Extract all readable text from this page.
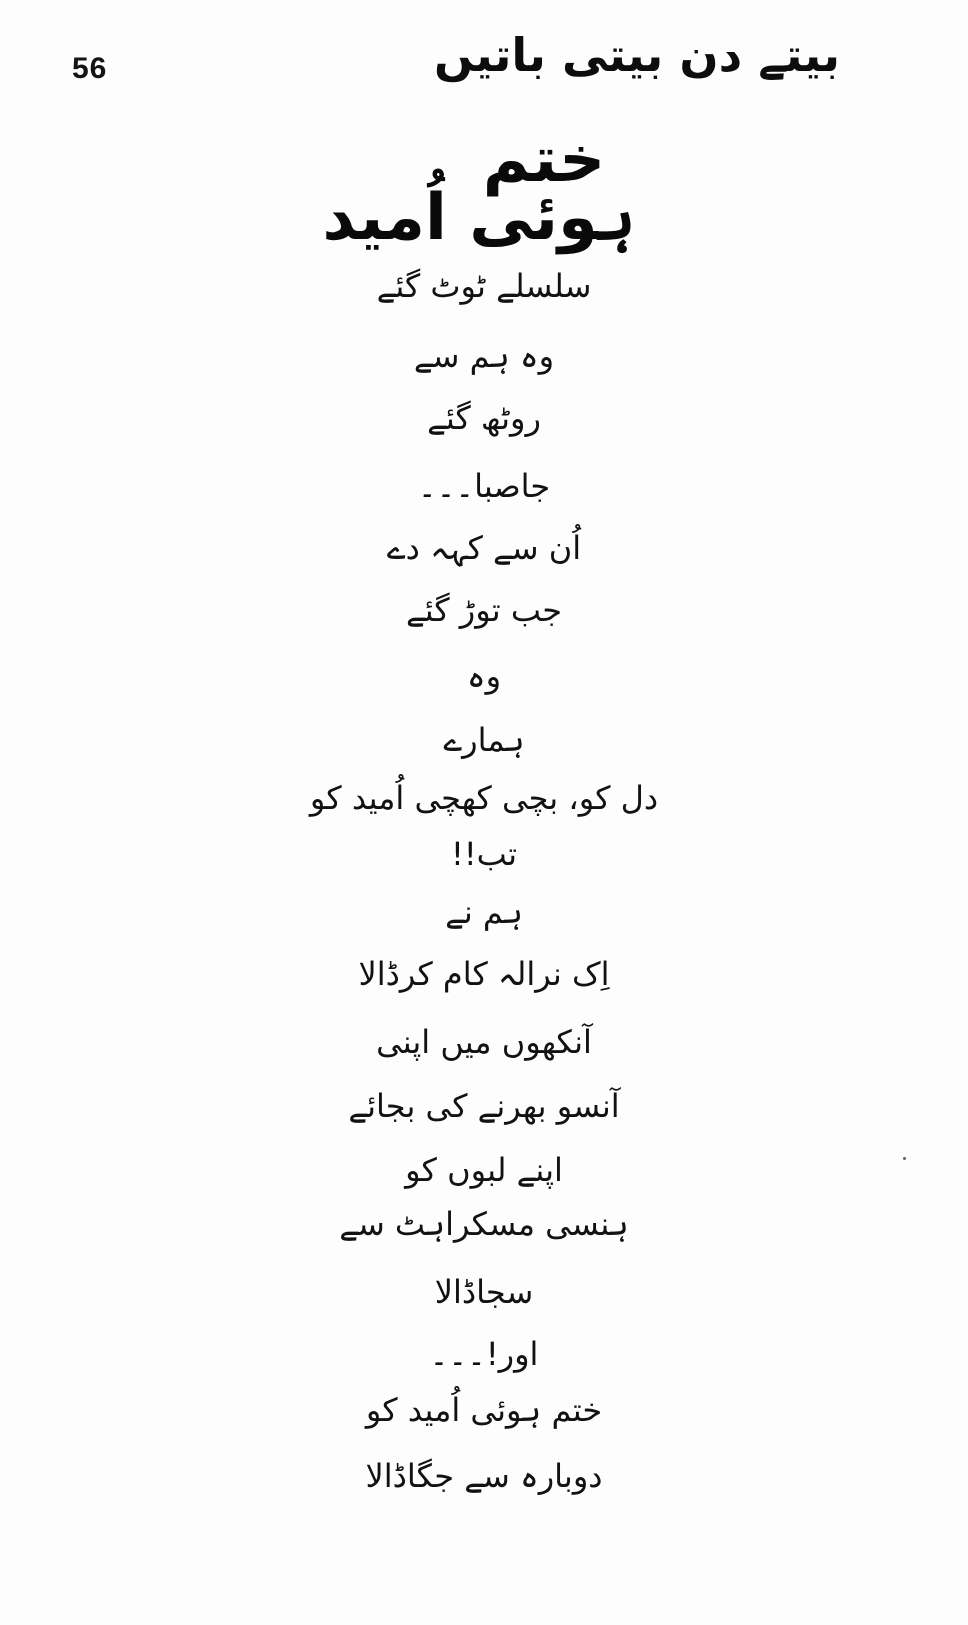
56	بیتے دن بیتی باتیں
ختم
ہوئی اُمید
سلسلے ٹوٹ گئے
وہ ہم سے
روٹھ گئے
جاصبا۔۔۔
اُن سے کہہ دے
جب توڑ گئے
وہ
ہمارے
دل کو، بچی کھچی اُمید کو
تب!!
ہم نے
اِک نرالہ کام کرڈالا
آنکھوں میں اپنی
آنسو بھرنے کی بجائے
اپنے لبوں کو
ہنسی مسکراہٹ سے
سجاڈالا
اور!۔۔۔
ختم ہوئی اُمید کو
دوبارہ سے جگاڈالا
